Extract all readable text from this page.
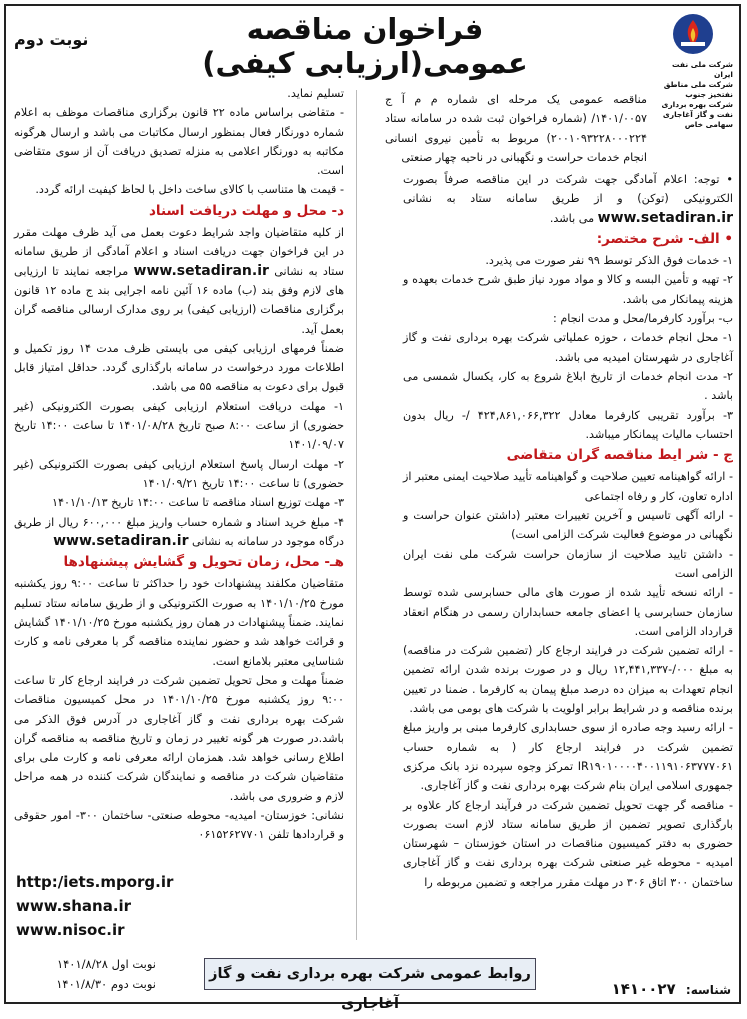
فراخوان مناقصه عمومی(ارزیابی کیفی)
نوبت دوم
شرکت ملی نفت ایران
شرکت ملی مناطق نفتخیز جنوب
شرکت بهره برداری نفت و گاز آغاجاری
سهامی خاص

مناقصه عمومی یک مرحله ای شماره م م آ ج ۱۴۰۱/۰۰۵۷/ (شماره فراخوان ثبت شده در سامانه ستاد ۲۰۰۱۰۹۳۲۲۸۰۰۰۲۲۴) مربوط به تأمین نیروی انسانی انجام خدمات حراست و نگهبانی در ناحیه چهار صنعتی

• توجه: اعلام آمادگی جهت شرکت در این مناقصه صرفاً بصورت الکترونیکی (توکن) و از طریق سامانه ستاد به نشانی www.setadiran.ir می باشد.

• الف- شرح مختصر:

۱- خدمات فوق الذکر توسط ۹۹ نفر صورت می پذیرد.

۲- تهیه و تأمین البسه و کالا و مواد مورد نیاز طبق شرح خدمات بعهده و هزینه پیمانکار می باشد.

ب- برآورد کارفرما/محل و مدت انجام :

۱- محل انجام خدمات ، حوزه عملیاتی شرکت بهره برداری نفت و گاز آغاجاری در شهرستان امیدیه می باشد.

۲- مدت انجام خدمات از تاریخ ابلاغ شروع به کار، یکسال شمسی می باشد .

۳- برآورد تقریبی کارفرما معادل ۴۲۴,۸۶۱,۰۶۶,۳۲۲ /- ریال بدون احتساب مالیات پیمانکار میباشد.

ج - شر ایط مناقصه گران متقاضی

- ارائه گواهینامه تعیین صلاحیت و گواهینامه تأیید صلاحیت ایمنی معتبر از اداره تعاون، کار و رفاه اجتماعی

- ارائه آگهی تاسیس و آخرین تغییرات معتبر (داشتن عنوان حراست و نگهبانی در موضوع فعالیت شرکت الزامی است)

- داشتن تایید صلاحیت از سازمان حراست شرکت ملی نفت ایران الزامی است

- ارائه نسخه تأیید شده از صورت های مالی حسابرسی شده توسط سازمان حسابرسی یا اعضای جامعه حسابداران رسمی در هنگام انعقاد قرارداد الزامی است.

- ارائه تضمین شرکت در فرایند ارجاع کار (تضمین شرکت در مناقصه) به مبلغ ۰۰۰/-۱۲,۴۴۱,۳۳۷ ریال و در صورت برنده شدن ارائه تضمین انجام تعهدات به میزان ده درصد مبلغ پیمان به کارفرما . ضمنا در تعیین برنده مناقصه و در شرایط برابر اولویت با شرکت های بومی می باشد.

- ارائه رسید وجه صادره از سوی حسابداری کارفرما مبنی بر واریز مبلغ تضمین شرکت در فرایند ارجاع کار ( به شماره حساب IR۱۹۰۱۰۰۰۰۴۰۰۱۱۹۱۰۶۳۷۷۷۰۶۱ تمرکز وجوه سپرده نزد بانک مرکزی جمهوری اسلامی ایران بنام شرکت بهره برداری نفت و گاز آغاجاری.

- مناقصه گر جهت تحویل تضمین شرکت در فرآیند ارجاع کار علاوه بر بارگذاری تصویر تضمین از طریق سامانه ستاد لازم است بصورت حضوری به دفتر کمیسیون مناقصات در استان خوزستان – شهرستان امیدیه - محوطه غیر صنعتی شرکت بهره برداری نفت و گاز آغاجاری ساختمان ۳۰۰ اتاق ۳۰۶ در مهلت مقرر مراجعه و تضمین مربوطه را

تسلیم نماید.

- متقاضی براساس ماده ۲۲ قانون برگزاری مناقصات موظف به اعلام شماره دورنگار فعال بمنظور ارسال مکاتبات می باشد و ارسال هرگونه مکاتبه به دورنگار اعلامی به منزله تصدیق دریافت آن از سوی متقاضی است.

- قیمت ها متناسب با کالای ساخت داخل با لحاظ کیفیت ارائه گردد.

د- محل و مهلت دریافت اسناد

از کلیه متقاضیان واجد شرایط دعوت بعمل می آید ظرف مهلت مقرر در این فراخوان جهت دریافت اسناد و اعلام آمادگی از طریق سامانه ستاد به نشانی www.setadiran.ir مراجعه نمایند تا ارزیابی های لازم وفق بند (ب) ماده ۱۶ آئین نامه اجرایی بند ج ماده ۱۲ قانون برگزاری مناقصات (ارزیابی کیفی) بر روی مدارک ارسالی مناقصه گران بعمل آید.

ضمناً فرمهای ارزیابی کیفی می بایستی ظرف مدت ۱۴ روز تکمیل و اطلاعات مورد درخواست در سامانه بارگذاری گردد. حداقل امتیاز قابل قبول برای دعوت به مناقصه ۵۵ می باشد.

۱- مهلت دریافت استعلام ارزیابی کیفی بصورت الکترونیکی (غیر حضوری) از ساعت ۸:۰۰ صبح تاریخ ۱۴۰۱/۰۸/۲۸ تا ساعت ۱۴:۰۰ تاریخ ۱۴۰۱/۰۹/۰۷

۲- مهلت ارسال پاسخ استعلام ارزیابی کیفی بصورت الکترونیکی (غیر حضوری) تا ساعت ۱۴:۰۰ تاریخ ۱۴۰۱/۰۹/۲۱

۳- مهلت توزیع اسناد مناقصه تا ساعت ۱۴:۰۰ تاریخ ۱۴۰۱/۱۰/۱۳

۴- مبلغ خرید اسناد و شماره حساب واریز مبلغ ۶۰۰,۰۰۰ ریال از طریق درگاه موجود در سامانه به نشانی www.setadiran.ir

هـ- محل، زمان تحویل و گشایش پیشنهادها

متقاضیان مکلفند پیشنهادات خود را حداکثر تا ساعت ۹:۰۰ روز یکشنبه مورخ ۱۴۰۱/۱۰/۲۵ به صورت الکترونیکی و از طریق سامانه ستاد تسلیم نمایند. ضمناً پیشنهادات در همان روز یکشنبه مورخ ۱۴۰۱/۱۰/۲۵ گشایش و قرائت خواهد شد و حضور نماینده مناقصه گر با معرفی نامه و کارت شناسایی معتبر بلامانع است.

ضمناً مهلت و محل تحویل تضمین شرکت در فرایند ارجاع کار تا ساعت ۹:۰۰ روز یکشنبه مورخ ۱۴۰۱/۱۰/۲۵ در محل کمیسیون مناقصات شرکت بهره برداری نفت و گاز آغاجاری در آدرس فوق الذکر می باشد.در صورت هر گونه تغییر در زمان و تاریخ مناقصه به مناقصه گران اطلاع رسانی خواهد شد. همزمان ارائه معرفی نامه و کارت ملی برای متقاضیان شرکت در مناقصه و نمایندگان شرکت کننده در همه مراحل لازم و ضروری می باشد.

نشانی: خوزستان- امیدیه- محوطه صنعتی- ساختمان ۳۰۰- امور حقوقی و قراردادها تلفن ۰۶۱۵۲۶۲۷۷۰۱

http:/iets.mporg.ir
www.shana.ir
www.nisoc.ir
نوبت اول ۱۴۰۱/۸/۲۸
نوبت دوم ۱۴۰۱/۸/۳۰
روابط عمومی شرکت بهره برداری نفت و گاز آغاجاری
شناسه: ۱۴۱۰۰۲۷
